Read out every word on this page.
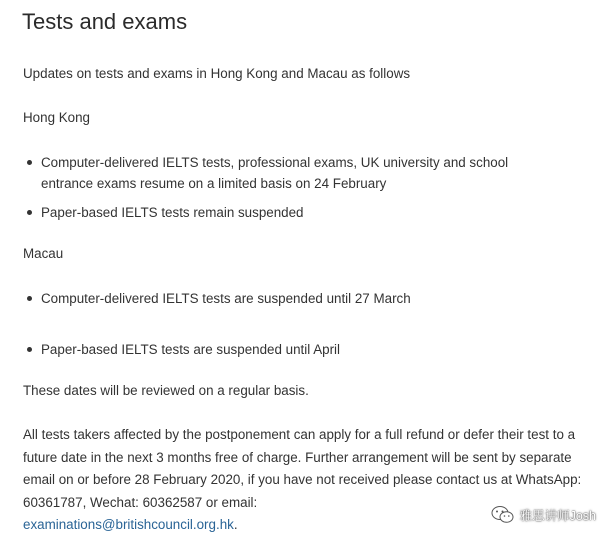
Tests and exams

Updates on tests and exams in Hong Kong and Macau as follows

Hong Kong

Computer-delivered IELTS tests, professional exams, UK university and school entrance exams resume on a limited basis on 24 February
Paper-based IELTS tests remain suspended

Macau

Computer-delivered IELTS tests are suspended until 27 March
Paper-based IELTS tests are suspended until April

These dates will be reviewed on a regular basis.

All tests takers affected by the postponement can apply for a full refund or defer their test to a future date in the next 3 months free of charge. Further arrangement will be sent by separate email on or before 28 February 2020, if you have not received please contact us at WhatsApp: 60361787, Wechat: 60362587 or email:
examinations@britishcouncil.org.hk.

雅思讲师Josh
